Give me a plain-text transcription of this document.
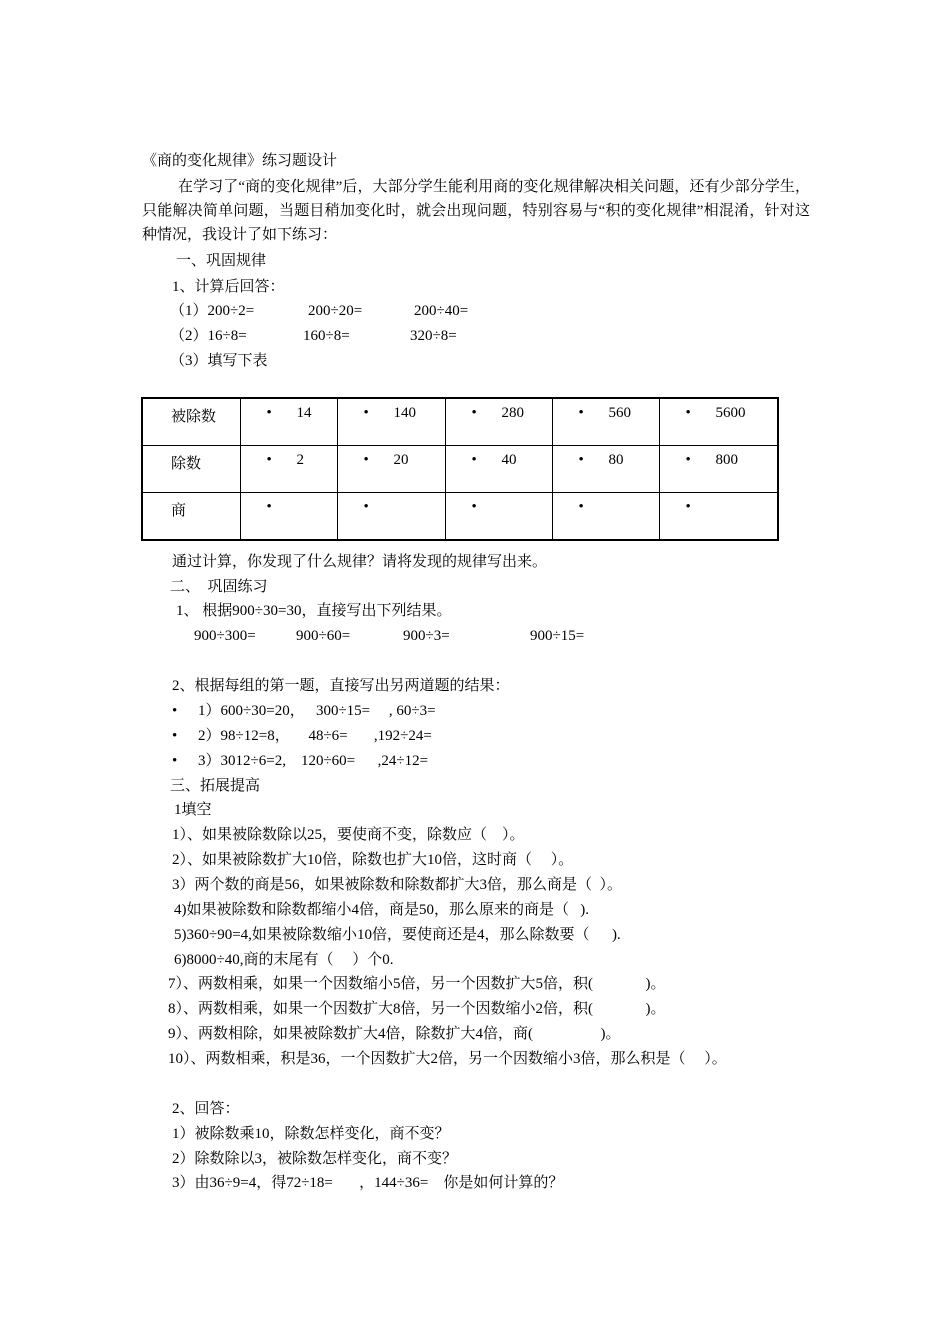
《商的变化规律》练习题设计
在学习了“商的变化规律”后，大部分学生能利用商的变化规律解决相关问题，还有少部分学生，只能解决简单问题，当题目稍加变化时，就会出现问题，特别容易与“积的变化规律”相混淆，针对这种情况，我设计了如下练习：
一、巩固规律
1、计算后回答：
（1）200÷2=	200÷20=	200÷40=
（2）16÷8=	160÷8=	320÷8=
（3）填写下表
被除数	• 14	• 140	• 280	• 560	• 5600
除数	• 2	• 20	• 40	• 80	• 800
商	•	•	•	•	•
通过计算，你发现了什么规律？请将发现的规律写出来。
二、  巩固练习
1、 根据900÷30=30，直接写出下列结果。
900÷300=	900÷60=	900÷3=	900÷15=
2、根据每组的第一题，直接写出另两道题的结果：
• 1）600÷30=20，   300÷15=     , 60÷3=
• 2）98÷12=8，     48÷6=       ,192÷24=
• 3）3012÷6=2,    120÷60=      ,24÷12=
三、拓展提高
1填空
1）、如果被除数除以25，要使商不变，除数应（    ）。
2）、如果被除数扩大10倍，除数也扩大10倍，这时商（     ）。
3）两个数的商是56，如果被除数和除数都扩大3倍，那么商是（  ）。
4)如果被除数和除数都缩小4倍，商是50，那么原来的商是（   ).
5)360÷90=4,如果被除数缩小10倍，要使商还是4，那么除数要（      ).
6)8000÷40,商的末尾有（     ）个0.
7）、两数相乘，如果一个因数缩小5倍，另一个因数扩大5倍，积(              )。
8）、两数相乘，如果一个因数扩大8倍，另一个因数缩小2倍，积(              )。
9）、两数相除，如果被除数扩大4倍，除数扩大4倍，商(                  )。
10）、两数相乘，积是36，一个因数扩大2倍，另一个因数缩小3倍，那么积是（     ）。
2、回答：
1）被除数乘10，除数怎样变化，商不变？
2）除数除以3，被除数怎样变化，商不变？
3）由36÷9=4，得72÷18=       ，144÷36=    你是如何计算的？
